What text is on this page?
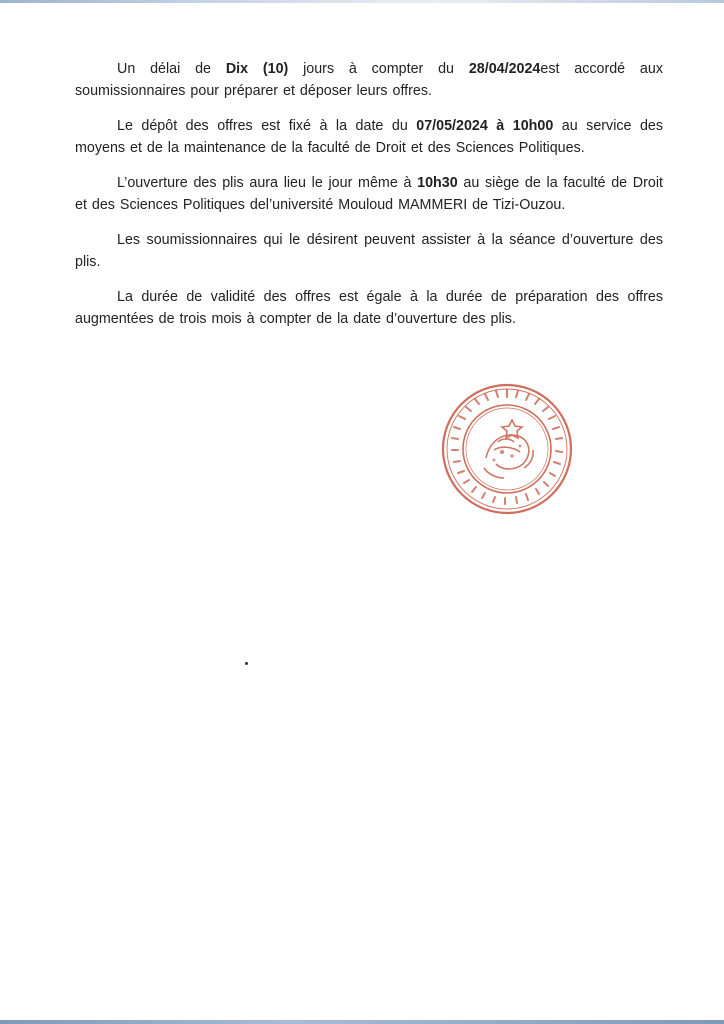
Un délai de Dix (10) jours à compter du 28/04/2024est accordé aux soumissionnaires pour préparer et déposer leurs offres.

Le dépôt des offres est fixé à la date du 07/05/2024 à 10h00 au service des moyens et de la maintenance de la faculté de Droit et des Sciences Politiques.

L’ouverture des plis aura lieu le jour même à 10h30 au siège de la faculté de Droit et des Sciences Politiques del’université Mouloud MAMMERI de Tizi-Ouzou.

Les soumissionnaires qui le désirent peuvent assister à la séance d’ouverture des plis.

La durée de validité des offres est égale à la durée de préparation des offres augmentées de trois mois à compter de la date d’ouverture des plis.
